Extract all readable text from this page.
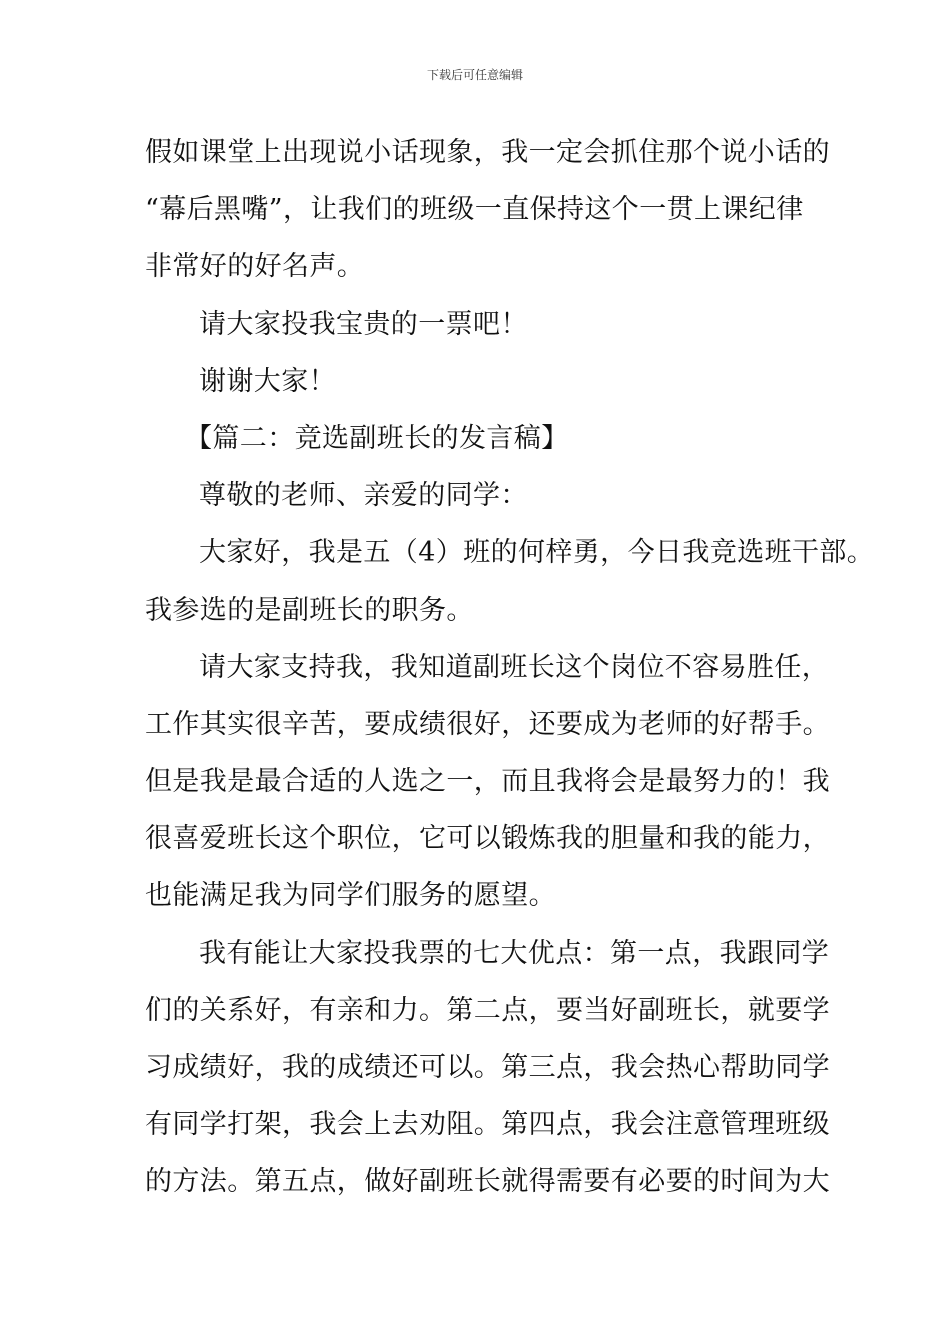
下载后可任意编辑
假如课堂上出现说小话现象，我一定会抓住那个说小话的
“幕后黑嘴”，让我们的班级一直保持这个一贯上课纪律
非常好的好名声。
请大家投我宝贵的一票吧！
谢谢大家！
【篇二：竞选副班长的发言稿】
尊敬的老师、亲爱的同学：
大家好，我是五（4）班的何梓勇，今日我竞选班干部。
我参选的是副班长的职务。
请大家支持我，我知道副班长这个岗位不容易胜任，
工作其实很辛苦，要成绩很好，还要成为老师的好帮手。
但是我是最合适的人选之一，而且我将会是最努力的！我
很喜爱班长这个职位，它可以锻炼我的胆量和我的能力，
也能满足我为同学们服务的愿望。
我有能让大家投我票的七大优点：第一点，我跟同学
们的关系好，有亲和力。第二点，要当好副班长，就要学
习成绩好，我的成绩还可以。第三点，我会热心帮助同学
有同学打架，我会上去劝阻。第四点，我会注意管理班级
的方法。第五点，做好副班长就得需要有必要的时间为大
